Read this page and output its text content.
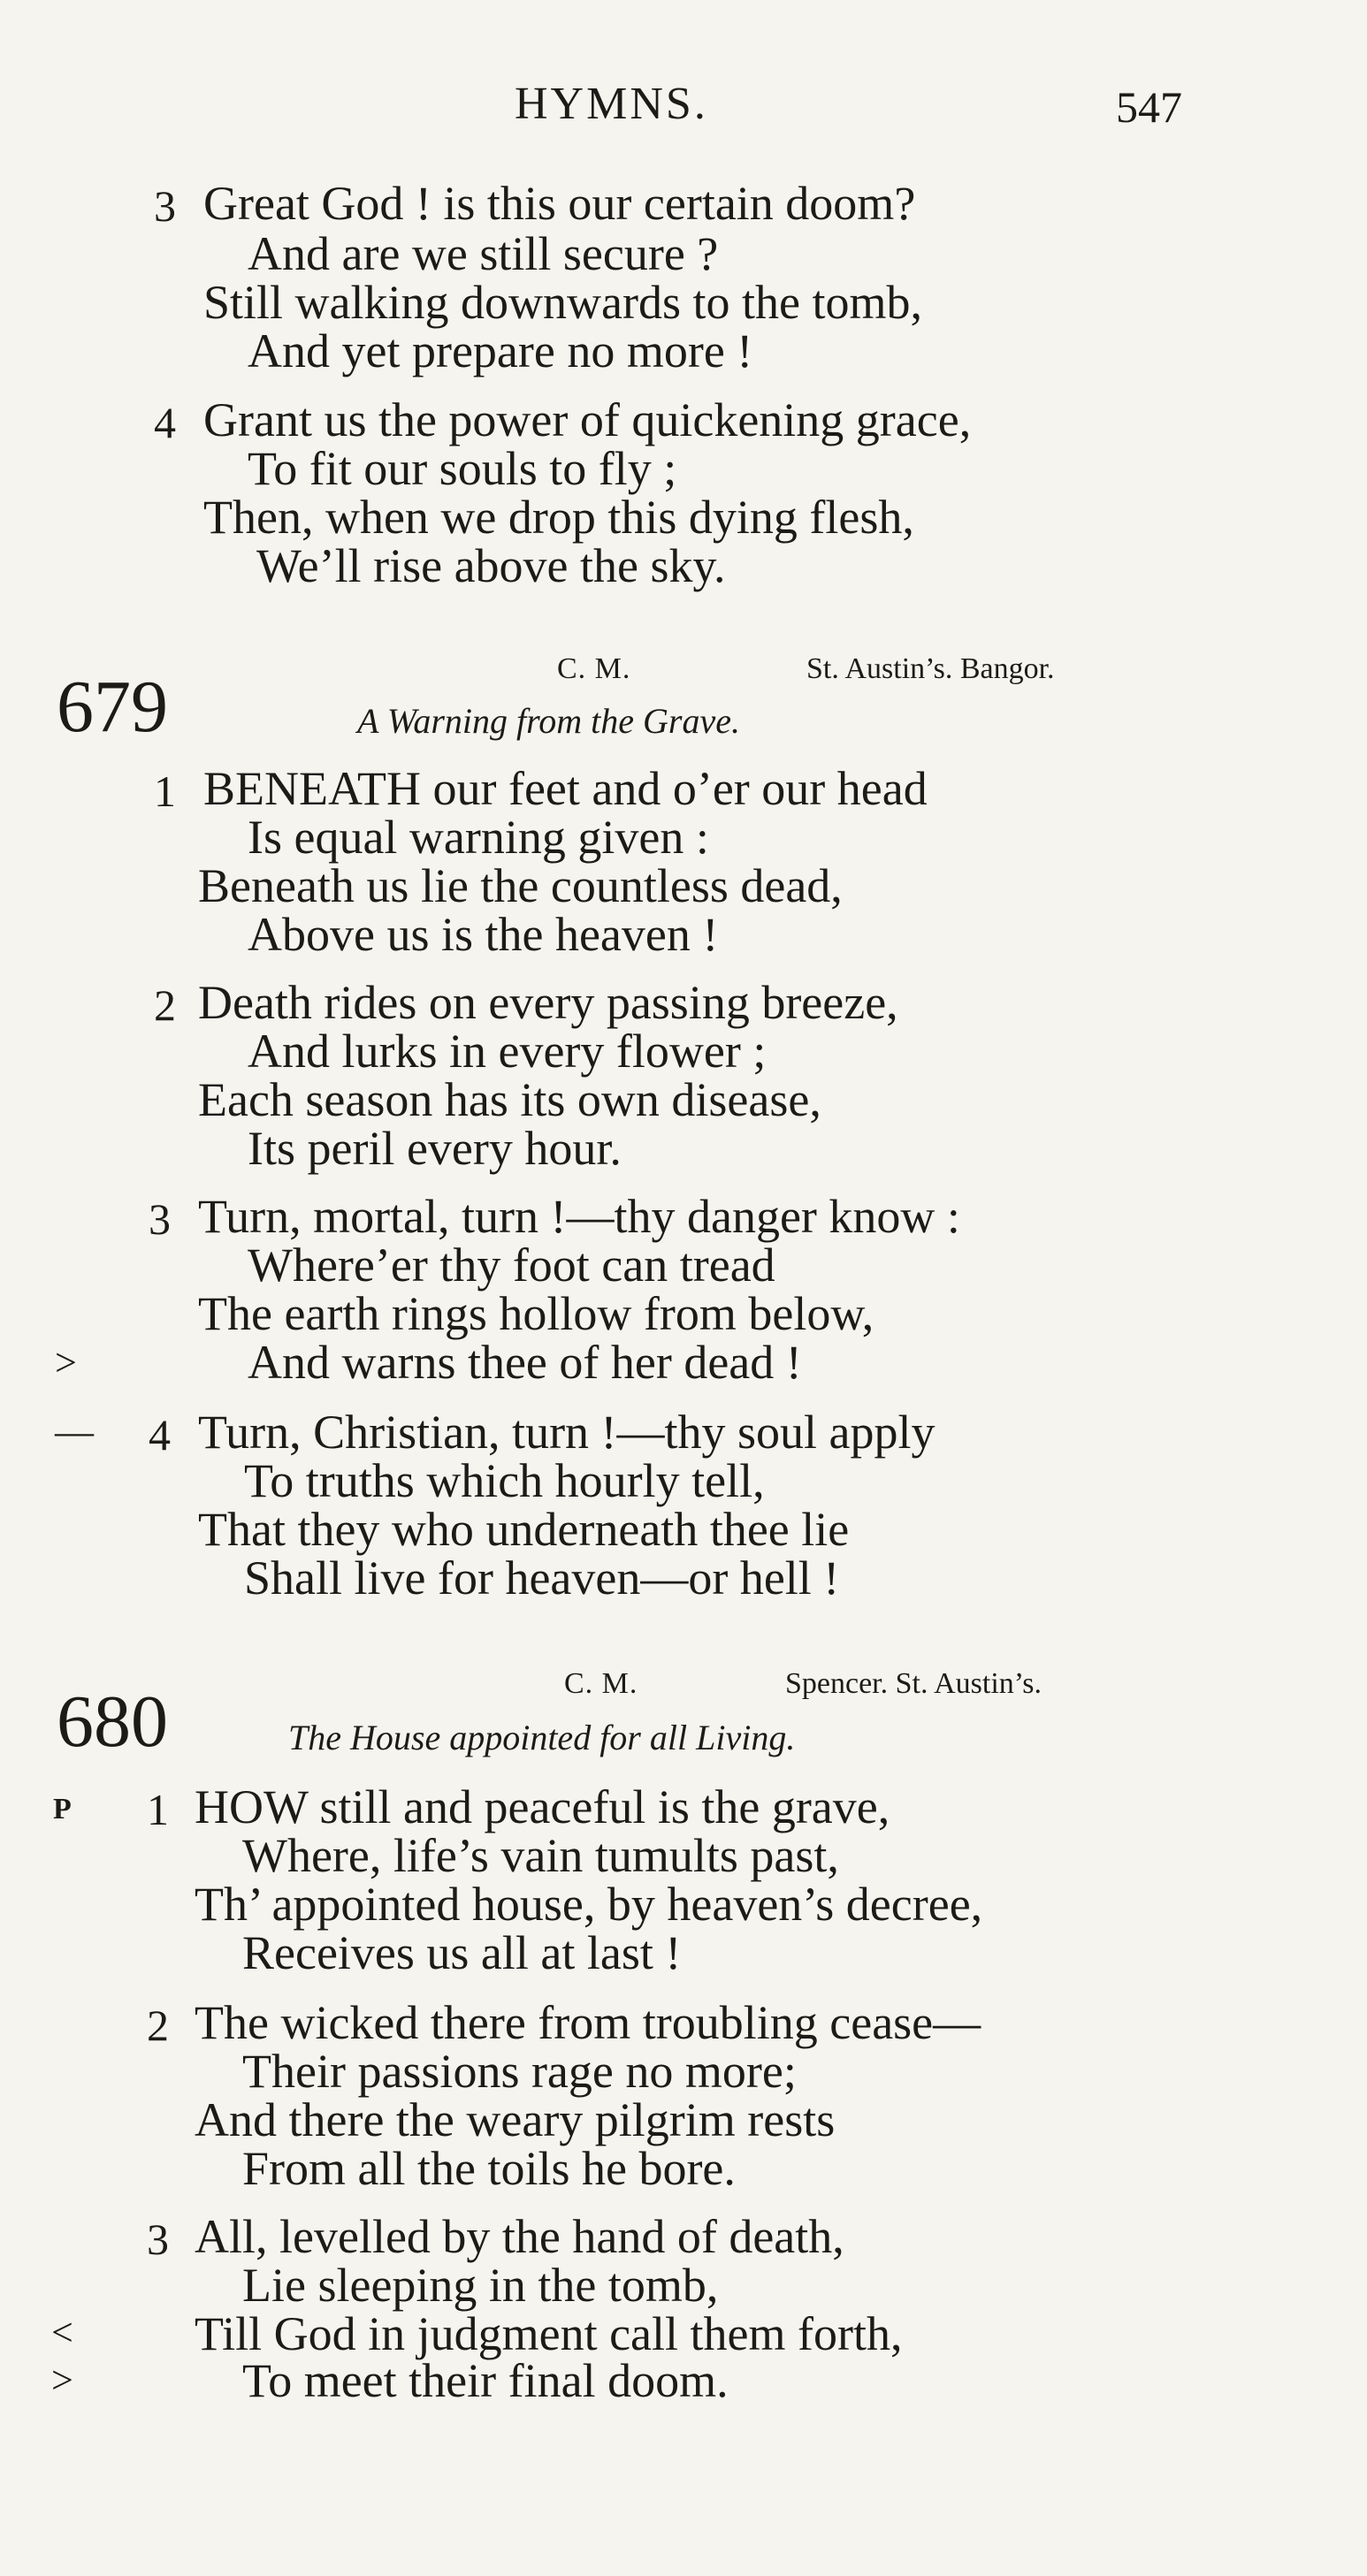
HYMNS.	547
3 Great God ! is this our certain doom?
And are we still secure ?
Still walking downwards to the tomb,
And yet prepare no more !
4 Grant us the power of quickening grace,
To fit our souls to fly ;
Then, when we drop this dying flesh,
We’ll rise above the sky.
679	C. M.	St. Austin’s. Bangor.
A Warning from the Grave.
1 BENEATH our feet and o’er our head
Is equal warning given :
Beneath us lie the countless dead,
Above us is the heaven !
2 Death rides on every passing breeze,
And lurks in every flower ;
Each season has its own disease,
Its peril every hour.
3 Turn, mortal, turn !—thy danger know :
Where’er thy foot can tread
The earth rings hollow from below,
>	And warns thee of her dead !
— 4 Turn, Christian, turn !—thy soul apply
To truths which hourly tell,
That they who underneath thee lie
Shall live for heaven—or hell !
680	C. M.	Spencer. St. Austin’s.
The House appointed for all Living.
P 1 HOW still and peaceful is the grave,
Where, life’s vain tumults past,
Th’ appointed house, by heaven’s decree,
Receives us all at last !
2 The wicked there from troubling cease—
Their passions rage no more;
And there the weary pilgrim rests
From all the toils he bore.
3 All, levelled by the hand of death,
Lie sleeping in the tomb,
<	Till God in judgment call them forth,
>	To meet their final doom.
